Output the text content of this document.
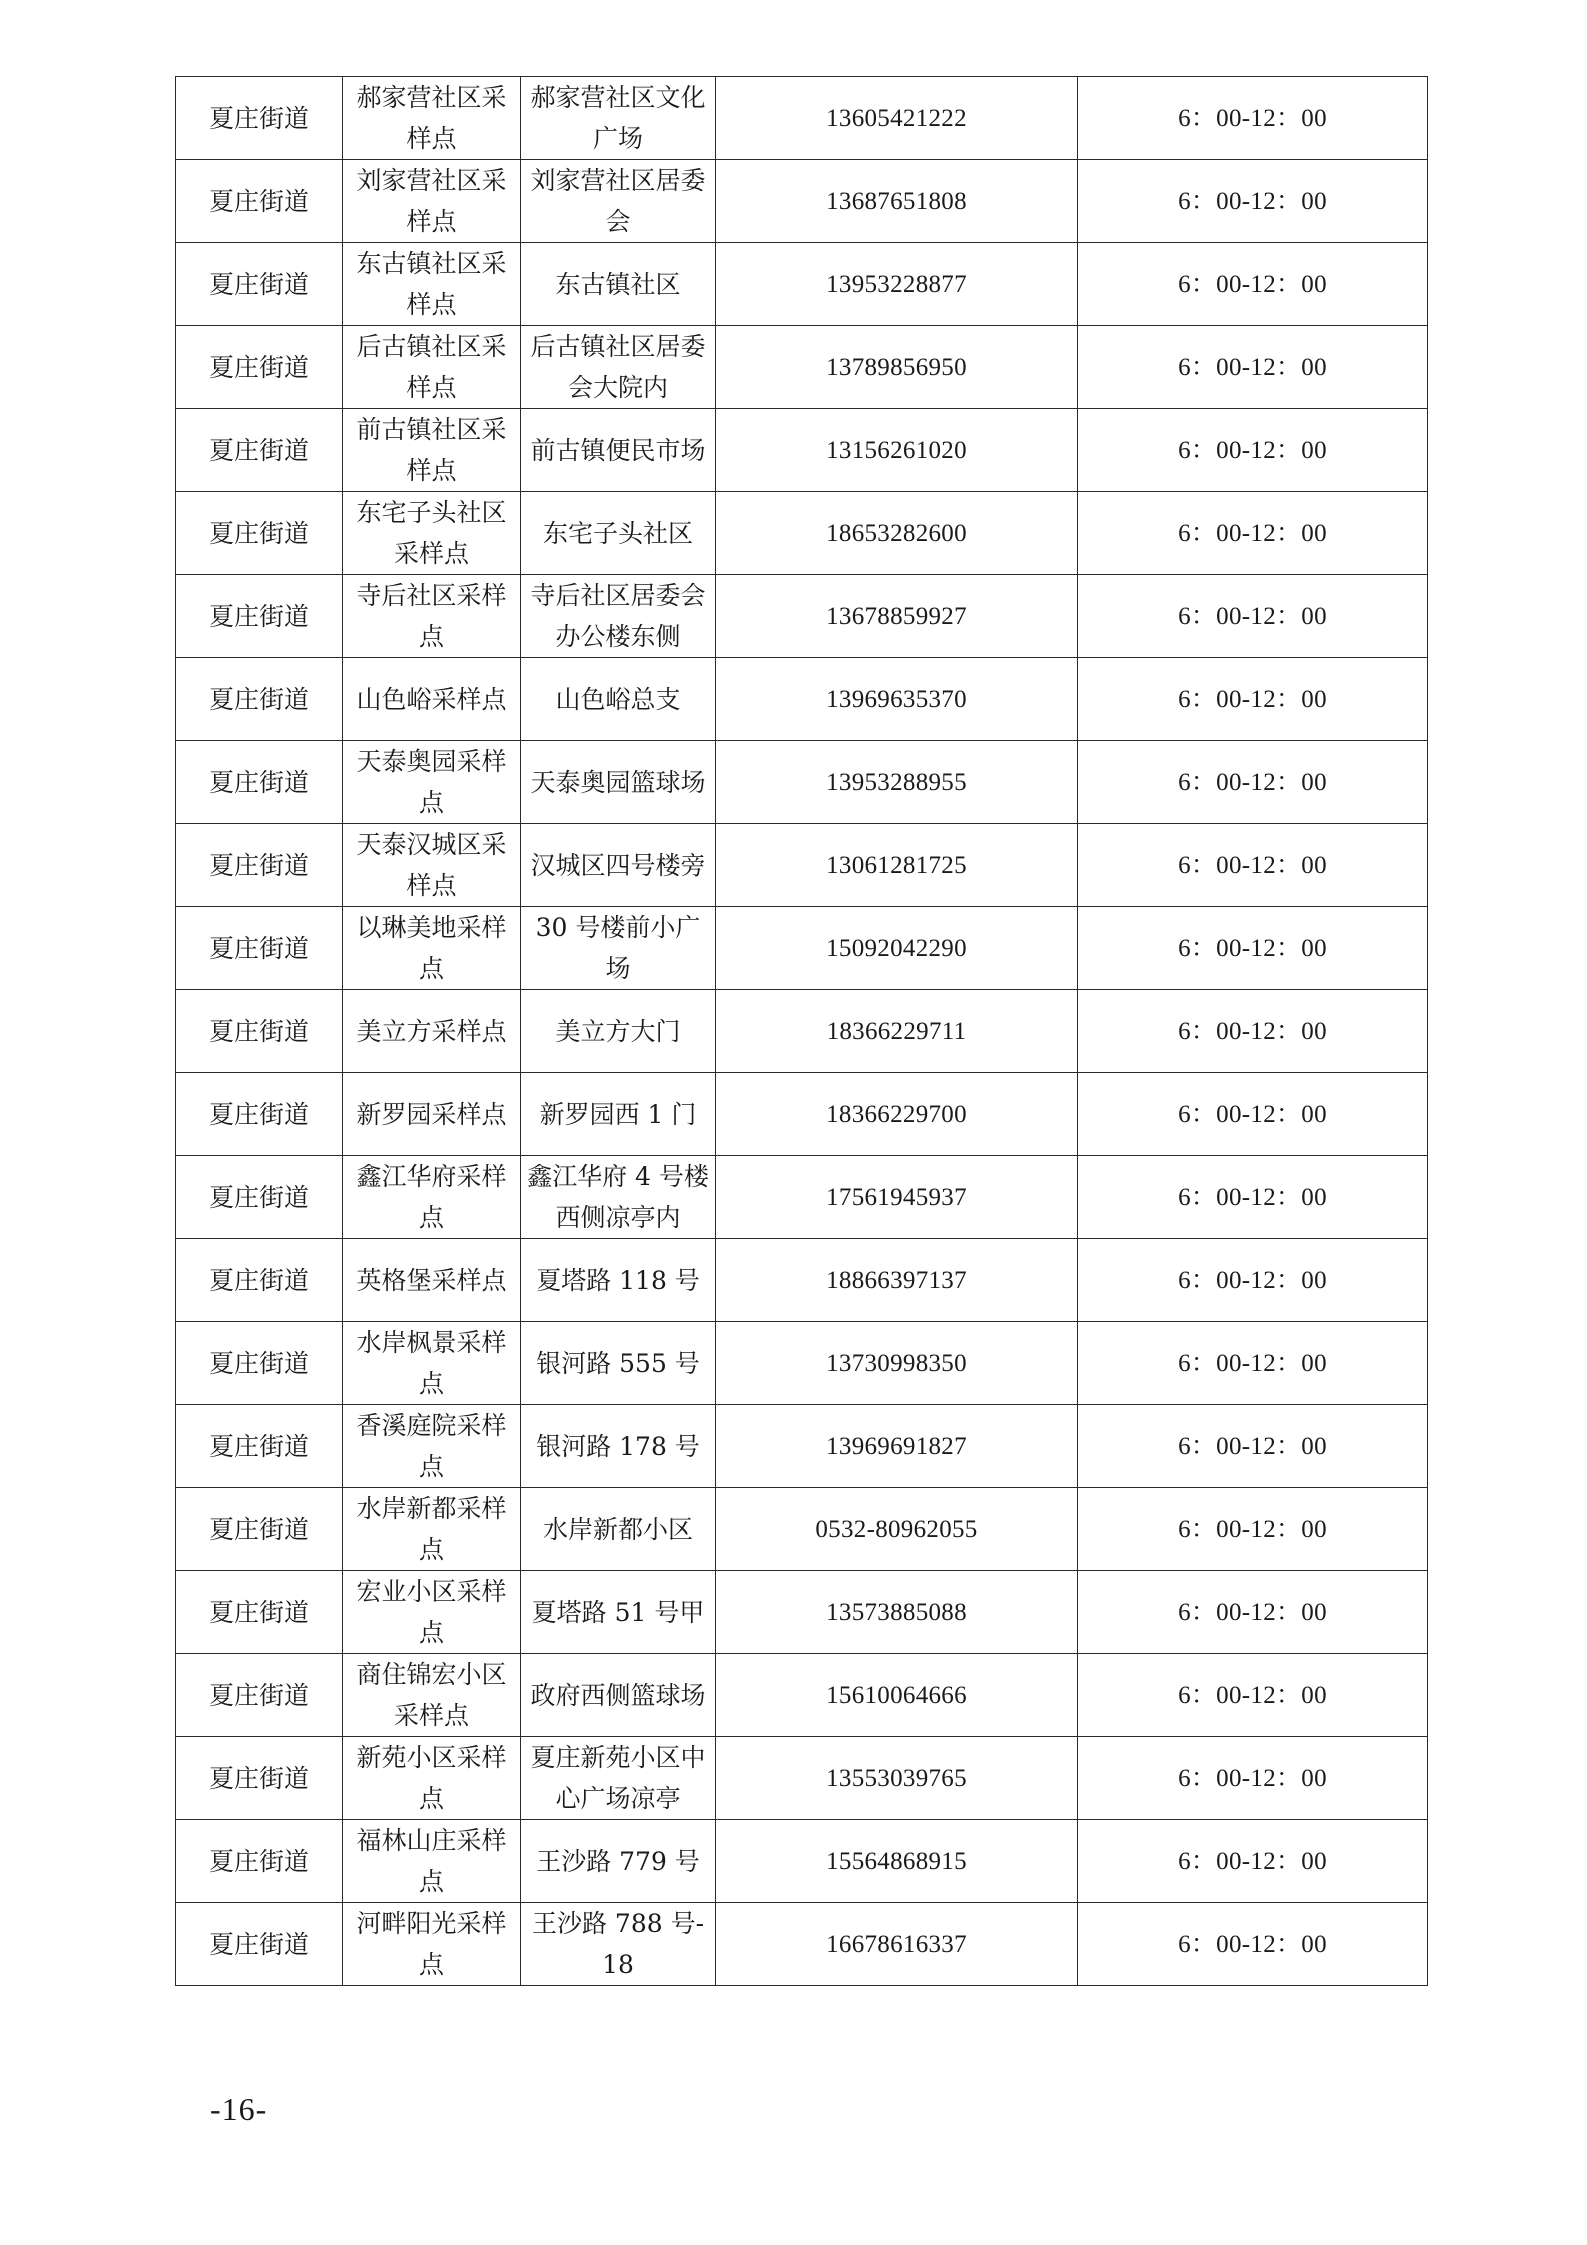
夏庄街道	郝家营社区采样点	郝家营社区文化广场	13605421222	6：00-12：00
夏庄街道	刘家营社区采样点	刘家营社区居委会	13687651808	6：00-12：00
夏庄街道	东古镇社区采样点	东古镇社区	13953228877	6：00-12：00
夏庄街道	后古镇社区采样点	后古镇社区居委会大院内	13789856950	6：00-12：00
夏庄街道	前古镇社区采样点	前古镇便民市场	13156261020	6：00-12：00
夏庄街道	东宅子头社区采样点	东宅子头社区	18653282600	6：00-12：00
夏庄街道	寺后社区采样点	寺后社区居委会办公楼东侧	13678859927	6：00-12：00
夏庄街道	山色峪采样点	山色峪总支	13969635370	6：00-12：00
夏庄街道	天泰奥园采样点	天泰奥园篮球场	13953288955	6：00-12：00
夏庄街道	天泰汉城区采样点	汉城区四号楼旁	13061281725	6：00-12：00
夏庄街道	以琳美地采样点	30 号楼前小广场	15092042290	6：00-12：00
夏庄街道	美立方采样点	美立方大门	18366229711	6：00-12：00
夏庄街道	新罗园采样点	新罗园西 1 门	18366229700	6：00-12：00
夏庄街道	鑫江华府采样点	鑫江华府 4 号楼西侧凉亭内	17561945937	6：00-12：00
夏庄街道	英格堡采样点	夏塔路 118 号	18866397137	6：00-12：00
夏庄街道	水岸枫景采样点	银河路 555 号	13730998350	6：00-12：00
夏庄街道	香溪庭院采样点	银河路 178 号	13969691827	6：00-12：00
夏庄街道	水岸新都采样点	水岸新都小区	0532-80962055	6：00-12：00
夏庄街道	宏业小区采样点	夏塔路 51 号甲	13573885088	6：00-12：00
夏庄街道	商住锦宏小区采样点	政府西侧篮球场	15610064666	6：00-12：00
夏庄街道	新苑小区采样点	夏庄新苑小区中心广场凉亭	13553039765	6：00-12：00
夏庄街道	福林山庄采样点	王沙路 779 号	15564868915	6：00-12：00
夏庄街道	河畔阳光采样点	王沙路 788 号-18	16678616337	6：00-12：00
-16-
